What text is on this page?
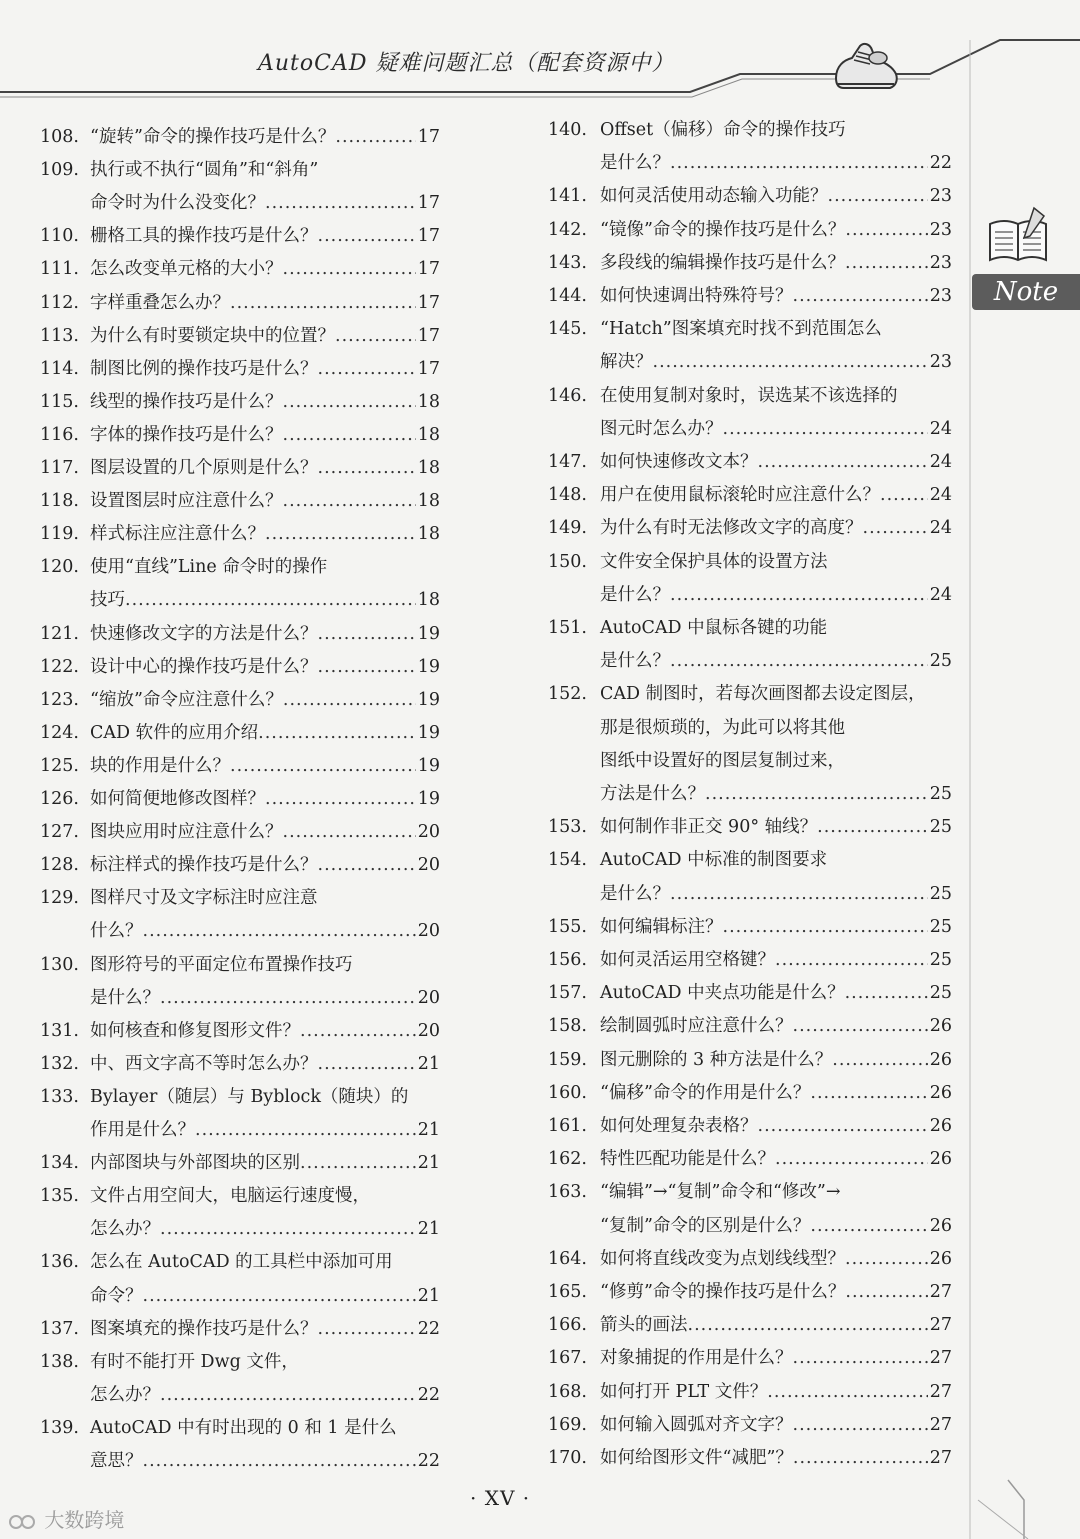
AutoCAD 疑难问题汇总（配套资源中）
Note
108. “旋转”命令的操作技巧是什么？ .....	17
109. 执行或不执行“圆角”和“斜角”
命令时为什么没变化？ .....	17
110. 栅格工具的操作技巧是什么？ .....	17
111. 怎么改变单元格的大小？ .....	17
112. 字样重叠怎么办？ .....	17
113. 为什么有时要锁定块中的位置？ .....	17
114. 制图比例的操作技巧是什么？ .....	17
115. 线型的操作技巧是什么？ .....	18
116. 字体的操作技巧是什么？ .....	18
117. 图层设置的几个原则是什么？ .....	18
118. 设置图层时应注意什么？ .....	18
119. 样式标注应注意什么？ .....	18
120. 使用“直线”Line 命令时的操作
技巧 .....	18
121. 快速修改文字的方法是什么？ .....	19
122. 设计中心的操作技巧是什么？ .....	19
123. “缩放”命令应注意什么？ .....	19
124. CAD 软件的应用介绍 .....	19
125. 块的作用是什么？ .....	19
126. 如何简便地修改图样？ .....	19
127. 图块应用时应注意什么？ .....	20
128. 标注样式的操作技巧是什么？ .....	20
129. 图样尺寸及文字标注时应注意
什么？ .....	20
130. 图形符号的平面定位布置操作技巧
是什么？ .....	20
131. 如何核查和修复图形文件？ .....	20
132. 中、西文字高不等时怎么办？ .....	21
133. Bylayer（随层）与 Byblock（随块）的
作用是什么？ .....	21
134. 内部图块与外部图块的区别 .....	21
135. 文件占用空间大，电脑运行速度慢，
怎么办？ .....	21
136. 怎么在 AutoCAD 的工具栏中添加可用
命令？ .....	21
137. 图案填充的操作技巧是什么？ .....	22
138. 有时不能打开 Dwg 文件，
怎么办？ .....	22
139. AutoCAD 中有时出现的 0 和 1 是什么
意思？ .....	22
140. Offset（偏移）命令的操作技巧
是什么？ .....	22
141. 如何灵活使用动态输入功能？ .....	23
142. “镜像”命令的操作技巧是什么？ .....	23
143. 多段线的编辑操作技巧是什么？ .....	23
144. 如何快速调出特殊符号？ .....	23
145. “Hatch”图案填充时找不到范围怎么
解决？ .....	23
146. 在使用复制对象时，误选某不该选择的
图元时怎么办？ .....	24
147. 如何快速修改文本？ .....	24
148. 用户在使用鼠标滚轮时应注意什么？ .....	24
149. 为什么有时无法修改文字的高度？ .....	24
150. 文件安全保护具体的设置方法
是什么？ .....	24
151. AutoCAD 中鼠标各键的功能
是什么？ .....	25
152. CAD 制图时，若每次画图都去设定图层，
那是很烦琐的，为此可以将其他
图纸中设置好的图层复制过来，
方法是什么？ .....	25
153. 如何制作非正交 90° 轴线？ .....	25
154. AutoCAD 中标准的制图要求
是什么？ .....	25
155. 如何编辑标注？ .....	25
156. 如何灵活运用空格键？ .....	25
157. AutoCAD 中夹点功能是什么？ .....	25
158. 绘制圆弧时应注意什么？ .....	26
159. 图元删除的 3 种方法是什么？ .....	26
160. “偏移”命令的作用是什么？ .....	26
161. 如何处理复杂表格？ .....	26
162. 特性匹配功能是什么？ .....	26
163. “编辑”→“复制”命令和“修改”→
“复制”命令的区别是什么？ .....	26
164. 如何将直线改变为点划线线型？ .....	26
165. “修剪”命令的操作技巧是什么？ .....	27
166. 箭头的画法 .....	27
167. 对象捕捉的作用是什么？ .....	27
168. 如何打开 PLT 文件？ .....	27
169. 如何输入圆弧对齐文字？ .....	27
170. 如何给图形文件“减肥”？ .....	27
· XV ·
大数跨境
